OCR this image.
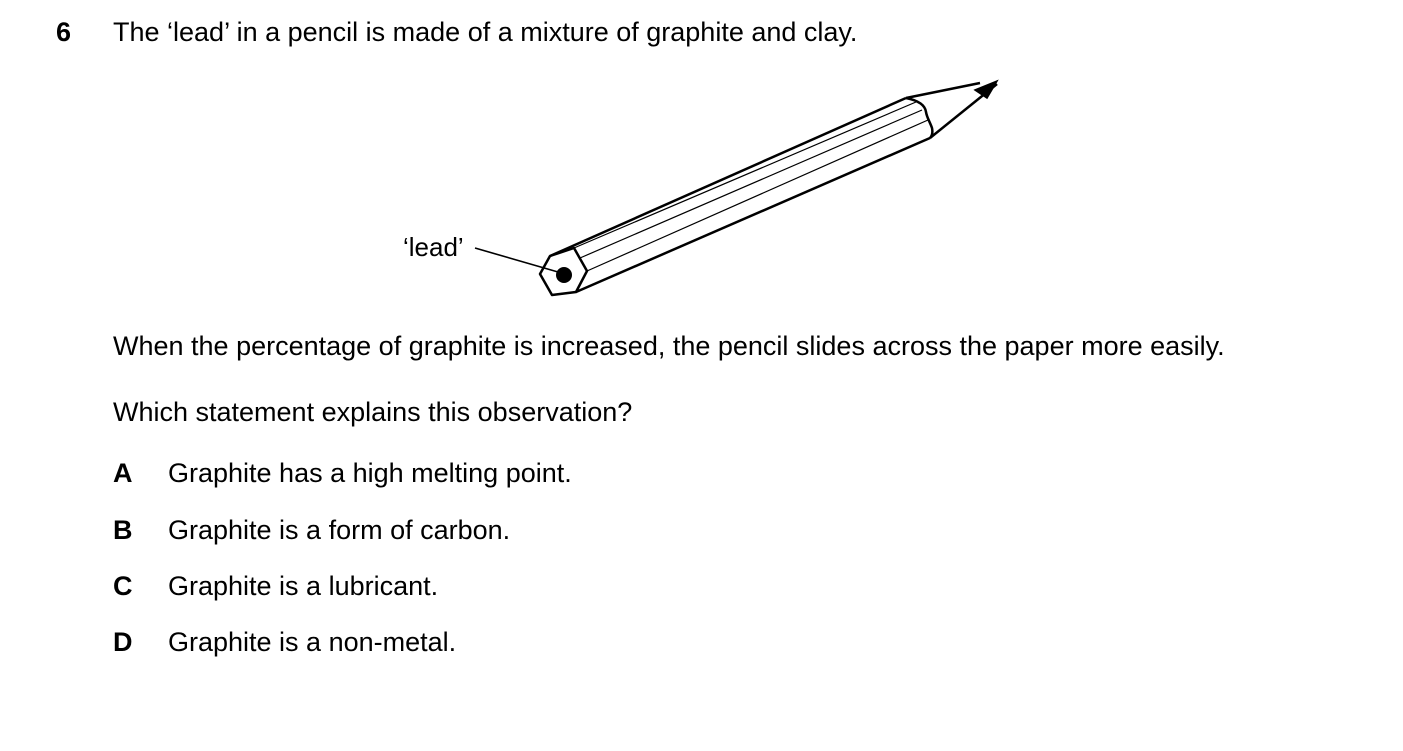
6 The ‘lead’ in a pencil is made of a mixture of graphite and clay.
‘lead’
When the percentage of graphite is increased, the pencil slides across the paper more easily.
Which statement explains this observation?
A Graphite has a high melting point.
B Graphite is a form of carbon.
C Graphite is a lubricant.
D Graphite is a non-metal.
